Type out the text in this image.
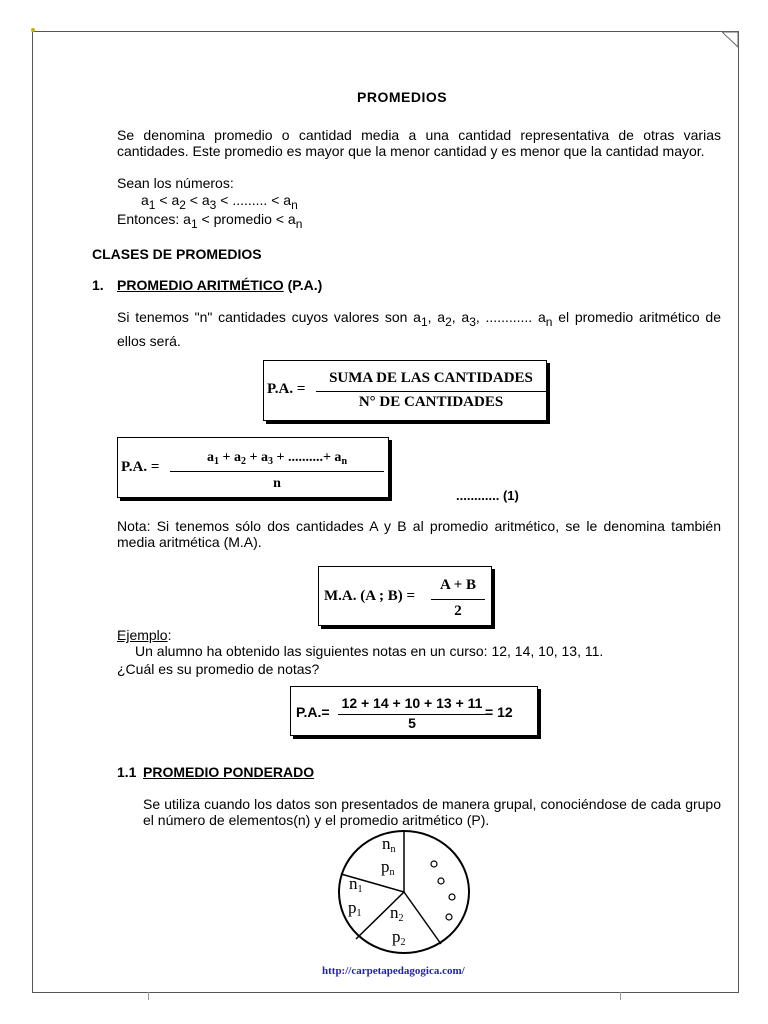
PROMEDIOS
Se denomina promedio o cantidad media a una cantidad representativa de otras varias cantidades. Este promedio es mayor que la menor cantidad y es menor que la cantidad mayor.
Sean los números:
$a_1 < a_2 < a_3$ < ......... < $a_n$
Entonces: $a_1$ < promedio < $a_n$
CLASES DE PROMEDIOS
1. PROMEDIO ARITMÉTICO (P.A.)
Si tenemos "n" cantidades cuyos valores son $a_1$, $a_2$, $a_3$, ............ $a_n$ el promedio aritmético de ellos será.
P.A. =
SUMA DE LAS CANTIDADES
N° DE CANTIDADES
P.A. =
$a_1 + a_2 + a_3$ + ..........+ $a_n$
n
............ (1)
Nota: Si tenemos sólo dos cantidades A y B al promedio aritmético, se le denomina también media aritmética (M.A).
M.A. (A ; B) =
A + B
2
Ejemplo:
Un alumno ha obtenido las siguientes notas en un curso: 12, 14, 10, 13, 11.
¿Cuál es su promedio de notas?
P.A.=
12 + 14 + 10 + 13 + 11
5
= 12
1.1 PROMEDIO PONDERADO
Se utiliza cuando los datos son presentados de manera grupal, conociéndose de cada grupo el número de elementos(n) y el promedio aritmético (P).
$n_n$
$p_n$
$n_1$
$p_1$ $n_2$
$p_2$
http://carpetapedagogica.com/
